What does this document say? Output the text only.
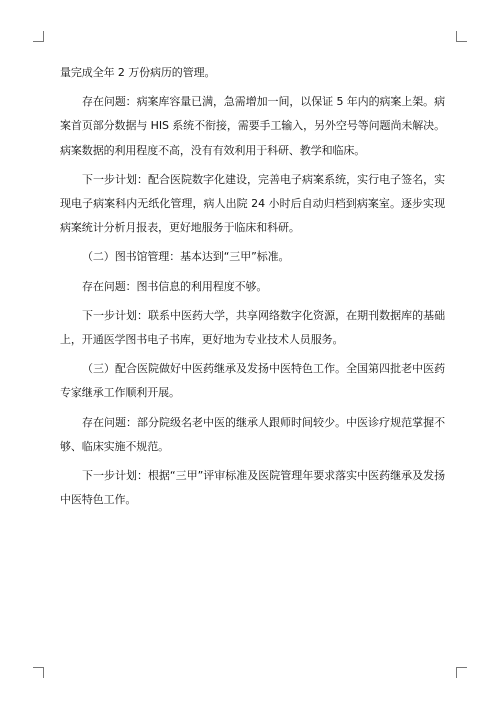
量完成全年 2 万份病历的管理。

存在问题：病案库容量已满，急需增加一间，以保证 5 年内的病案上架。病案首页部分数据与 HIS 系统不衔接，需要手工输入，另外空号等问题尚未解决。病案数据的利用程度不高，没有有效利用于科研、教学和临床。

下一步计划：配合医院数字化建设，完善电子病案系统，实行电子签名，实现电子病案科内无纸化管理，病人出院 24 小时后自动归档到病案室。逐步实现病案统计分析月报表，更好地服务于临床和科研。

（二）图书馆管理：基本达到“三甲”标准。

存在问题：图书信息的利用程度不够。

下一步计划：联系中医药大学，共享网络数字化资源，在期刊数据库的基础上，开通医学图书电子书库，更好地为专业技术人员服务。

（三）配合医院做好中医药继承及发扬中医特色工作。全国第四批老中医药专家继承工作顺利开展。

存在问题：部分院级名老中医的继承人跟师时间较少。中医诊疗规范掌握不够、临床实施不规范。

下一步计划：根据“三甲”评审标准及医院管理年要求落实中医药继承及发扬中医特色工作。
